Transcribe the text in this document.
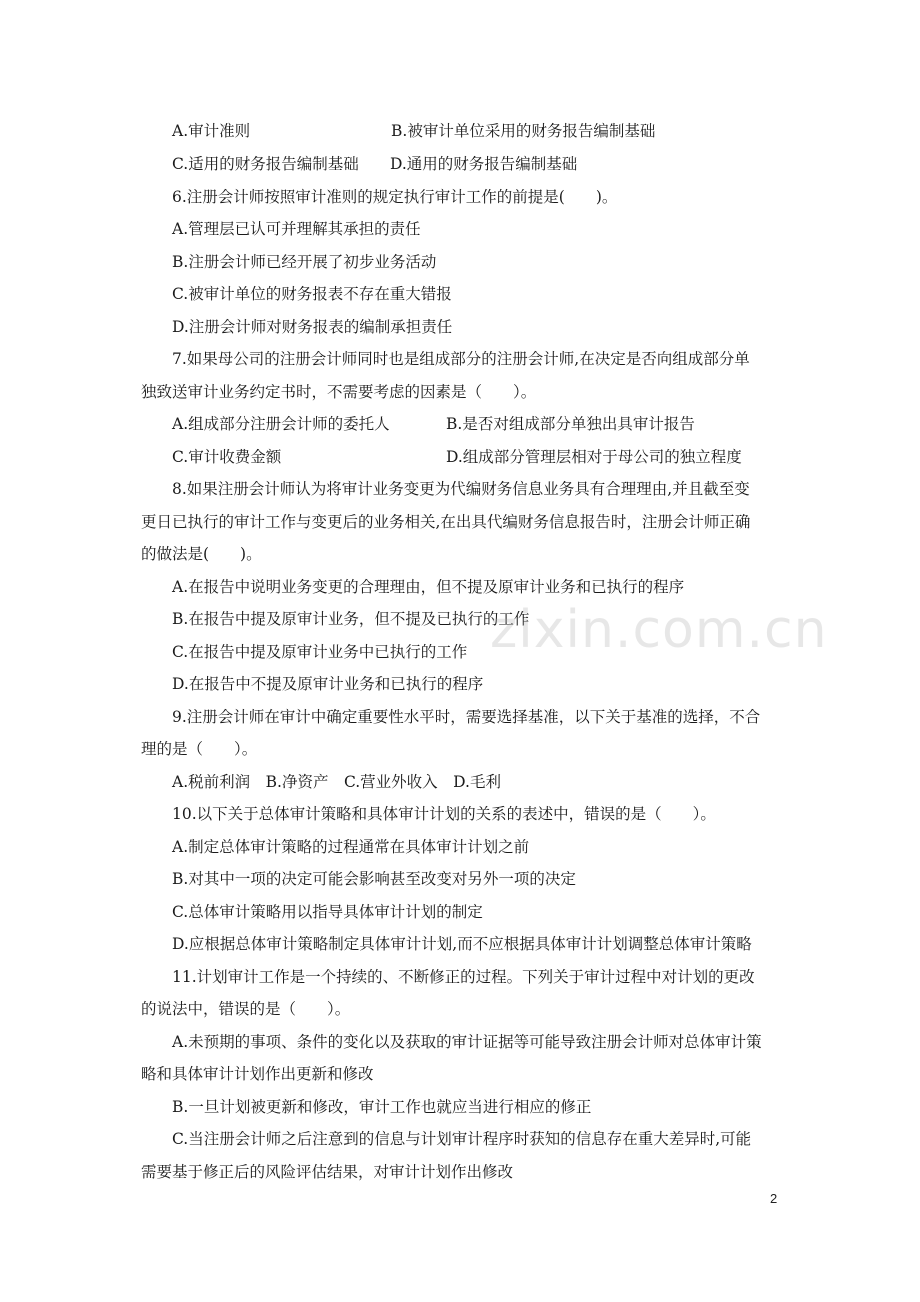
A.审计准则	B.被审计单位采用的财务报告编制基础
C.适用的财务报告编制基础 D.通用的财务报告编制基础
6.注册会计师按照审计准则的规定执行审计工作的前提是(　　)。
A.管理层已认可并理解其承担的责任
B.注册会计师已经开展了初步业务活动
C.被审计单位的财务报表不存在重大错报
D.注册会计师对财务报表的编制承担责任
7.如果母公司的注册会计师同时也是组成部分的注册会计师,在决定是否向组成部分单
独致送审计业务约定书时，不需要考虑的因素是（　　）。
A.组成部分注册会计师的委托人	B.是否对组成部分单独出具审计报告
C.审计收费金额	D.组成部分管理层相对于母公司的独立程度
8.如果注册会计师认为将审计业务变更为代编财务信息业务具有合理理由,并且截至变
更日已执行的审计工作与变更后的业务相关,在出具代编财务信息报告时，注册会计师正确
的做法是(　　)。
A.在报告中说明业务变更的合理理由，但不提及原审计业务和已执行的程序
B.在报告中提及原审计业务，但不提及已执行的工作
C.在报告中提及原审计业务中已执行的工作
D.在报告中不提及原审计业务和已执行的程序
9.注册会计师在审计中确定重要性水平时，需要选择基准，以下关于基准的选择，不合
理的是（　　）。
A.税前利润　B.净资产　C.营业外收入　D.毛利
10.以下关于总体审计策略和具体审计计划的关系的表述中，错误的是（　　）。
A.制定总体审计策略的过程通常在具体审计计划之前
B.对其中一项的决定可能会影响甚至改变对另外一项的决定
C.总体审计策略用以指导具体审计计划的制定
D.应根据总体审计策略制定具体审计计划,而不应根据具体审计计划调整总体审计策略
11.计划审计工作是一个持续的、不断修正的过程。下列关于审计过程中对计划的更改
的说法中，错误的是（　　）。
A.未预期的事项、条件的变化以及获取的审计证据等可能导致注册会计师对总体审计策
略和具体审计计划作出更新和修改
B.一旦计划被更新和修改，审计工作也就应当进行相应的修正
C.当注册会计师之后注意到的信息与计划审计程序时获知的信息存在重大差异时,可能
需要基于修正后的风险评估结果，对审计计划作出修改
zixin.com.cn
2
